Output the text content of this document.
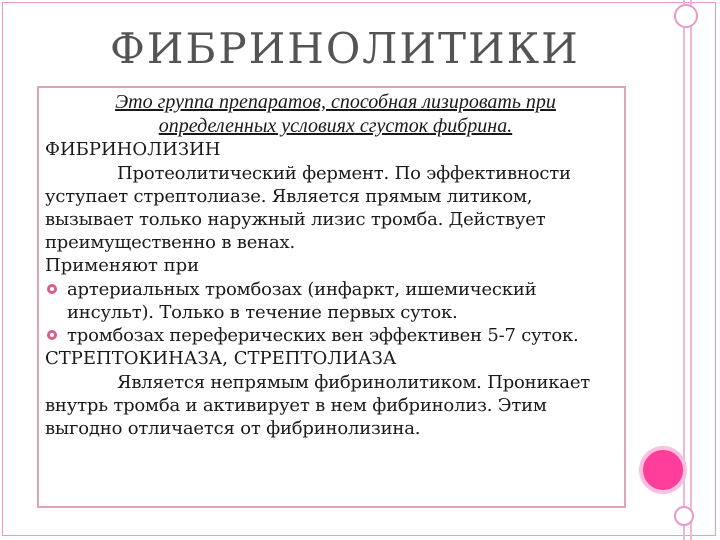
ФИБРИНОЛИТИКИ

Это группа препаратов, способная лизировать при определенных условиях сгусток фибрина.

ФИБРИНОЛИЗИН

Протеолитический фермент. По эффективности уступает стрептолиазе. Является прямым литиком, вызывает только наружный лизис тромба. Действует преимущественно в венах.

Применяют при

артериальных тромбозах (инфаркт, ишемический инсульт). Только в течение первых суток.
тромбозах переферических вен эффективен 5-7 суток.

СТРЕПТОКИНАЗА, СТРЕПТОЛИАЗА

Является непрямым фибринолитиком. Проникает внутрь тромба и активирует в нем фибринолиз. Этим выгодно отличается от фибринолизина.
